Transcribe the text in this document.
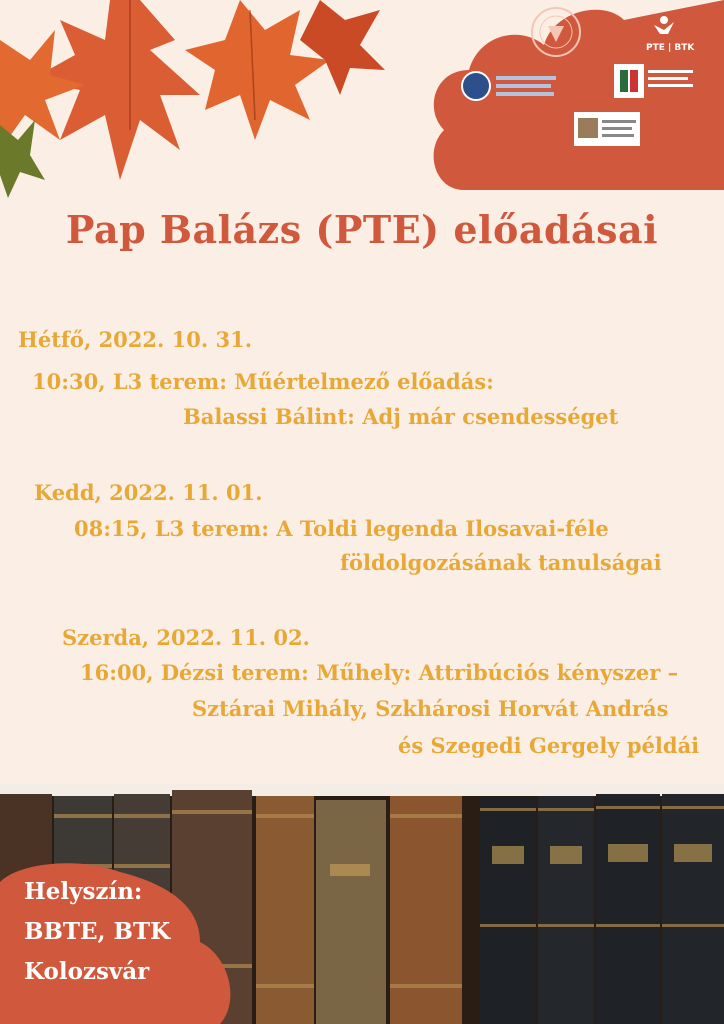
PTE | BTK
Pap Balázs (PTE) előadásai
Hétfő, 2022. 10. 31.
10:30, L3 terem: Műértelmező előadás:
Balassi Bálint: Adj már csendességet
Kedd, 2022. 11. 01.
08:15, L3 terem: A Toldi legenda Ilosavai-féle
földolgozásának tanulságai
Szerda, 2022. 11. 02.
16:00, Dézsi terem: Műhely: Attribúciós kényszer –
Sztárai Mihály, Szkhárosi Horvát András
és Szegedi Gergely példái
Helyszín:
BBTE, BTK
Kolozsvár
